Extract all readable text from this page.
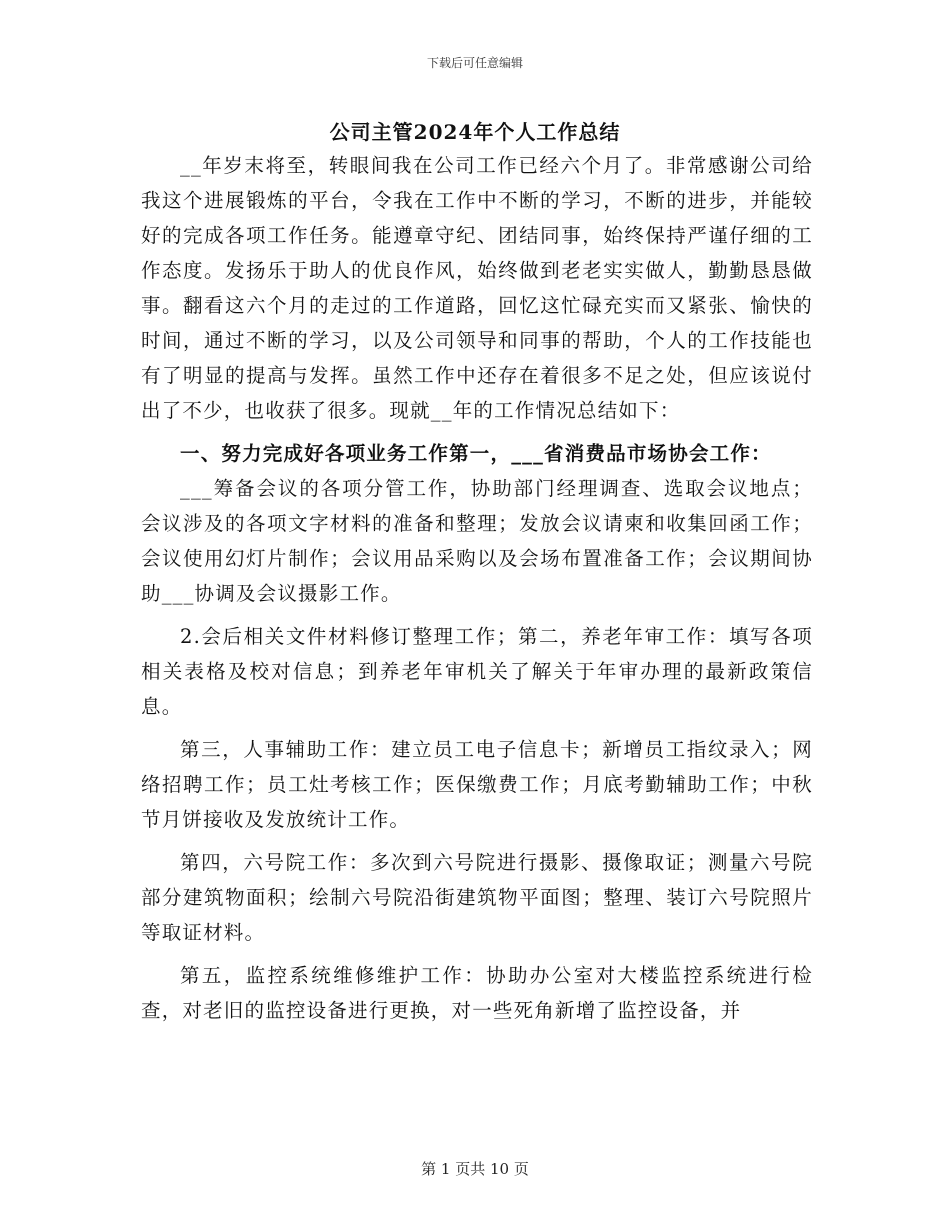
下载后可任意编辑
公司主管2024年个人工作总结

__年岁末将至，转眼间我在公司工作已经六个月了。非常感谢公司给我这个进展锻炼的平台，令我在工作中不断的学习，不断的进步，并能较好的完成各项工作任务。能遵章守纪、团结同事，始终保持严谨仔细的工作态度。发扬乐于助人的优良作风，始终做到老老实实做人，勤勤恳恳做事。翻看这六个月的走过的工作道路，回忆这忙碌充实而又紧张、愉快的时间，通过不断的学习，以及公司领导和同事的帮助，个人的工作技能也有了明显的提高与发挥。虽然工作中还存在着很多不足之处，但应该说付出了不少，也收获了很多。现就__年的工作情况总结如下：

一、努力完成好各项业务工作第一，___省消费品市场协会工作：

___筹备会议的各项分管工作，协助部门经理调查、选取会议地点；会议涉及的各项文字材料的准备和整理；发放会议请柬和收集回函工作；会议使用幻灯片制作；会议用品采购以及会场布置准备工作；会议期间协助___协调及会议摄影工作。

2.会后相关文件材料修订整理工作；第二，养老年审工作：填写各项相关表格及校对信息；到养老年审机关了解关于年审办理的最新政策信息。

第三，人事辅助工作：建立员工电子信息卡；新增员工指纹录入；网络招聘工作；员工灶考核工作；医保缴费工作；月底考勤辅助工作；中秋节月饼接收及发放统计工作。

第四，六号院工作：多次到六号院进行摄影、摄像取证；测量六号院部分建筑物面积；绘制六号院沿街建筑物平面图；整理、装订六号院照片等取证材料。

第五，监控系统维修维护工作：协助办公室对大楼监控系统进行检查，对老旧的监控设备进行更换，对一些死角新增了监控设备，并

第 1 页共 10 页
